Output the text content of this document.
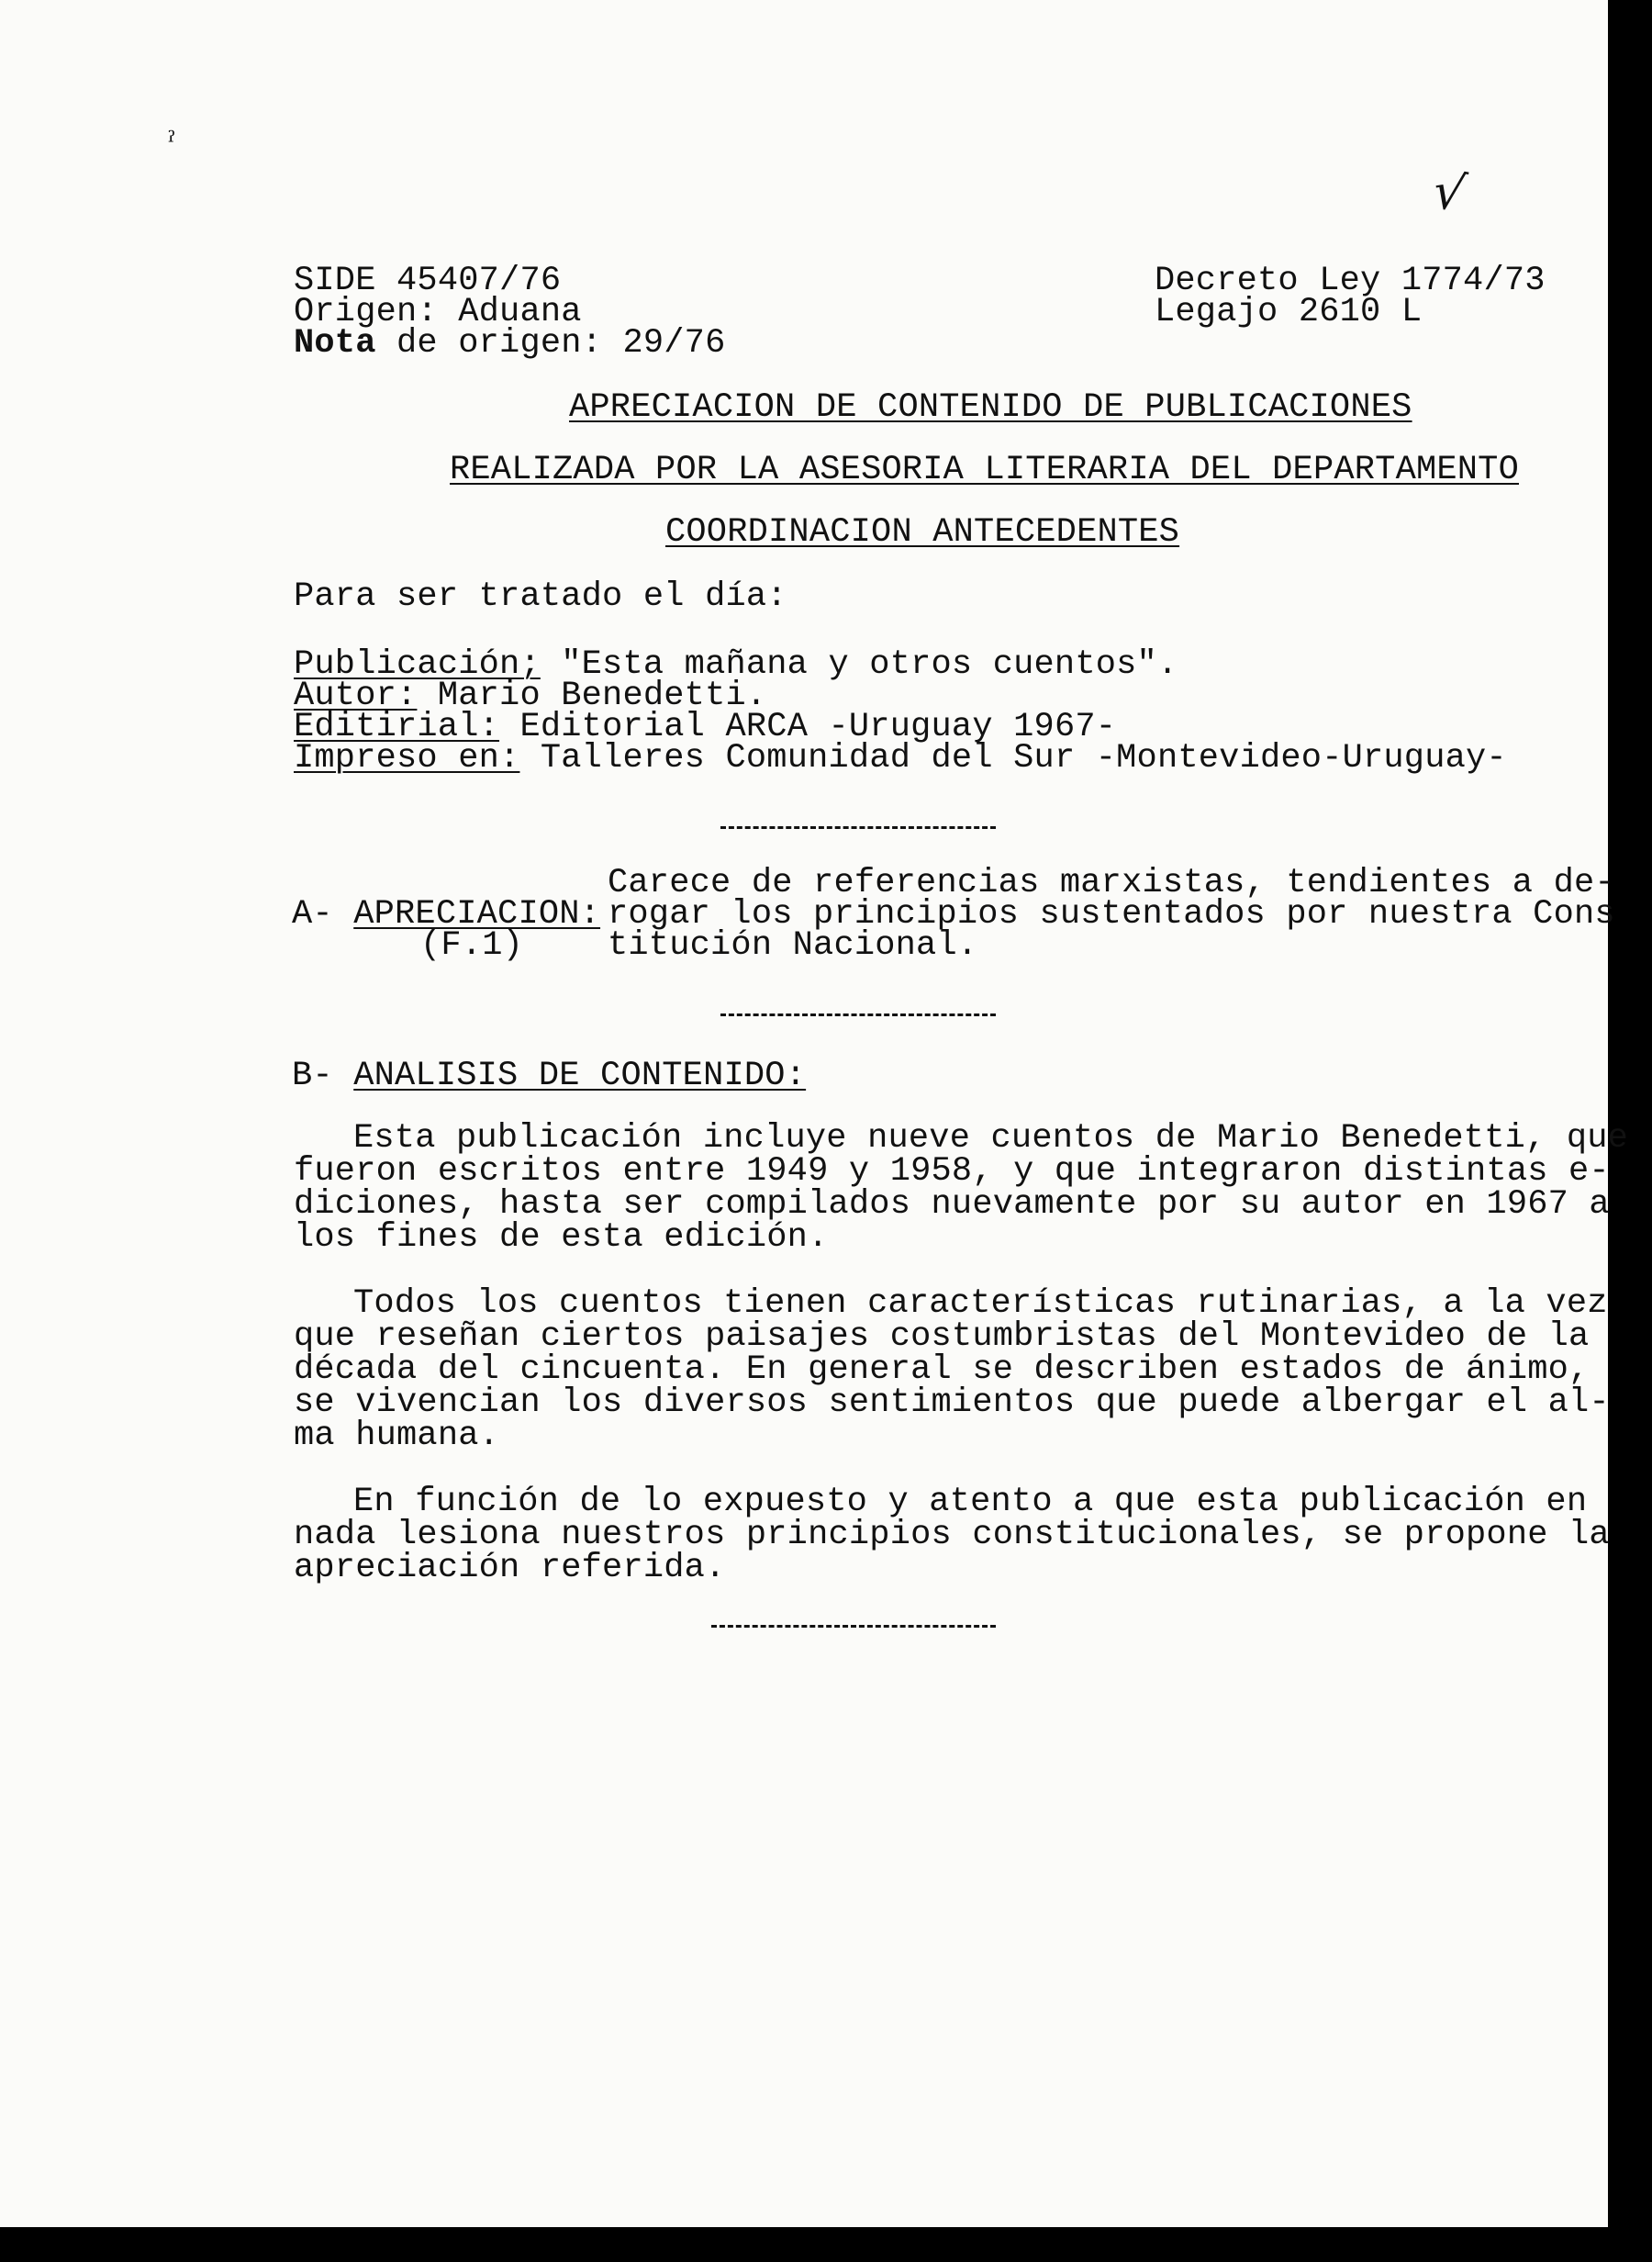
ˀ
√
SIDE 45407/76
Origen: Aduana
Nota de origen: 29/76
Decreto Ley 1774/73
Legajo 2610 L
APRECIACION DE CONTENIDO DE PUBLICACIONES
REALIZADA POR LA ASESORIA LITERARIA DEL DEPARTAMENTO
COORDINACION ANTECEDENTES
Para ser tratado el día:
Publicación; "Esta mañana y otros cuentos".
Autor: Mario Benedetti.
Editirial: Editorial ARCA -Uruguay 1967-
Impreso en: Talleres Comunidad del Sur -Montevideo-Uruguay-
Carece de referencias marxistas, tendientes a de-
A- APRECIACION: rogar los principios sustentados por nuestra Cons
(F.1) titución Nacional.
B- ANALISIS DE CONTENIDO:
Esta publicación incluye nueve cuentos de Mario Benedetti, que
fueron escritos entre 1949 y 1958, y que integraron distintas e-
diciones, hasta ser compilados nuevamente por su autor en 1967 a
los fines de esta edición.
Todos los cuentos tienen características rutinarias, a la vez
que reseñan ciertos paisajes costumbristas del Montevideo de la
década del cincuenta. En general se describen estados de ánimo,
se vivencian los diversos sentimientos que puede albergar el al-
ma humana.
En función de lo expuesto y atento a que esta publicación en
nada lesiona nuestros principios constitucionales, se propone la
apreciación referida.
